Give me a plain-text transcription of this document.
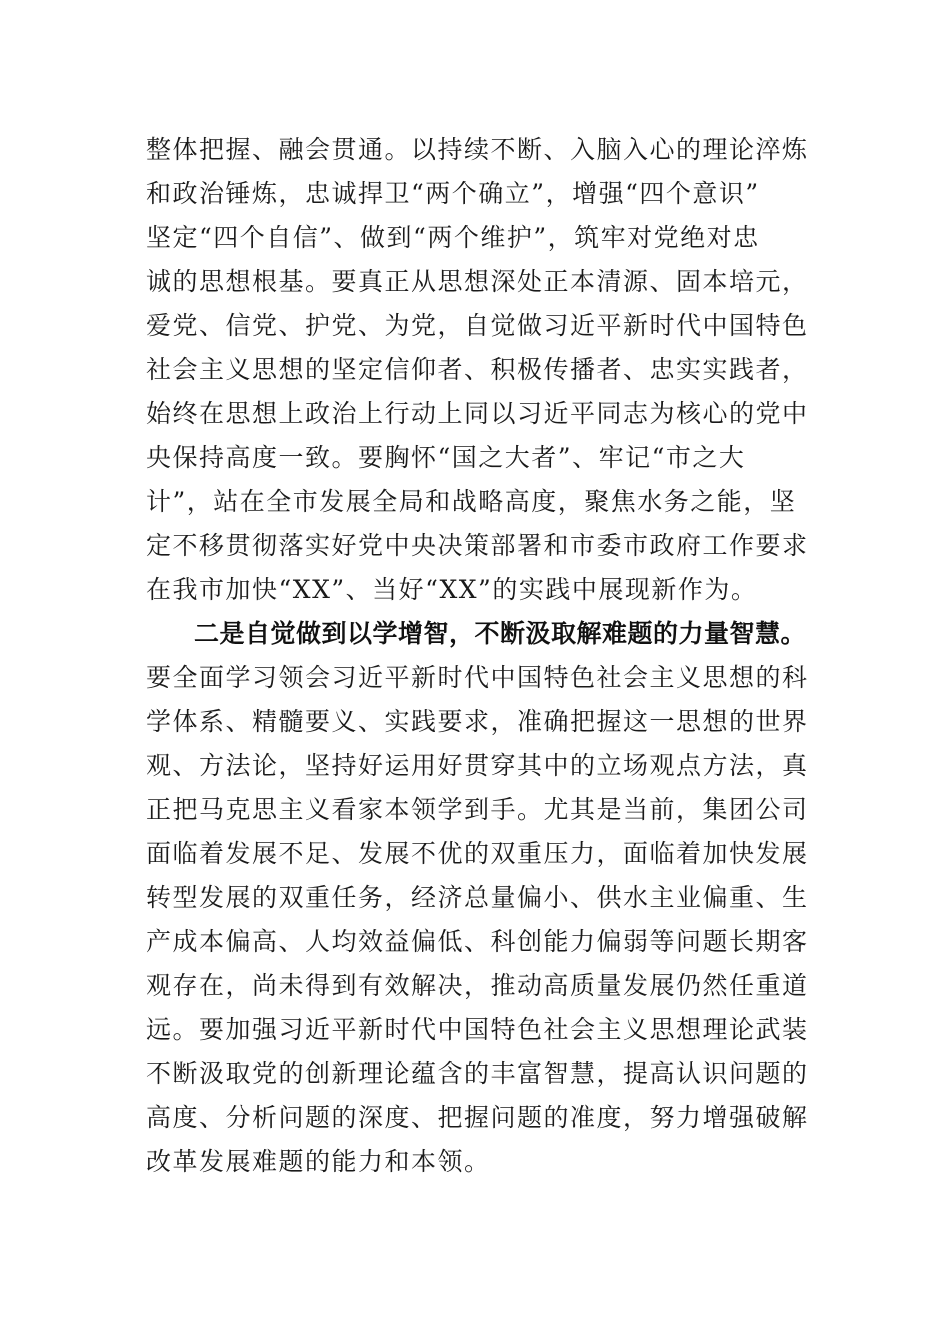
整体把握、融会贯通。以持续不断、入脑入心的理论淬炼
和政治锤炼，忠诚捍卫“两个确立”，增强“四个意识”
坚定“四个自信”、做到“两个维护”，筑牢对党绝对忠
诚的思想根基。要真正从思想深处正本清源、固本培元，
爱党、信党、护党、为党，自觉做习近平新时代中国特色
社会主义思想的坚定信仰者、积极传播者、忠实实践者，
始终在思想上政治上行动上同以习近平同志为核心的党中
央保持高度一致。要胸怀“国之大者”、牢记“市之大
计”，站在全市发展全局和战略高度，聚焦水务之能，坚
定不移贯彻落实好党中央决策部署和市委市政府工作要求
在我市加快“XX”、当好“XX”的实践中展现新作为。
二是自觉做到以学增智，不断汲取解难题的力量智慧。
要全面学习领会习近平新时代中国特色社会主义思想的科
学体系、精髓要义、实践要求，准确把握这一思想的世界
观、方法论，坚持好运用好贯穿其中的立场观点方法，真
正把马克思主义看家本领学到手。尤其是当前，集团公司
面临着发展不足、发展不优的双重压力，面临着加快发展
转型发展的双重任务，经济总量偏小、供水主业偏重、生
产成本偏高、人均效益偏低、科创能力偏弱等问题长期客
观存在，尚未得到有效解决，推动高质量发展仍然任重道
远。要加强习近平新时代中国特色社会主义思想理论武装
不断汲取党的创新理论蕴含的丰富智慧，提高认识问题的
高度、分析问题的深度、把握问题的准度，努力增强破解
改革发展难题的能力和本领。
